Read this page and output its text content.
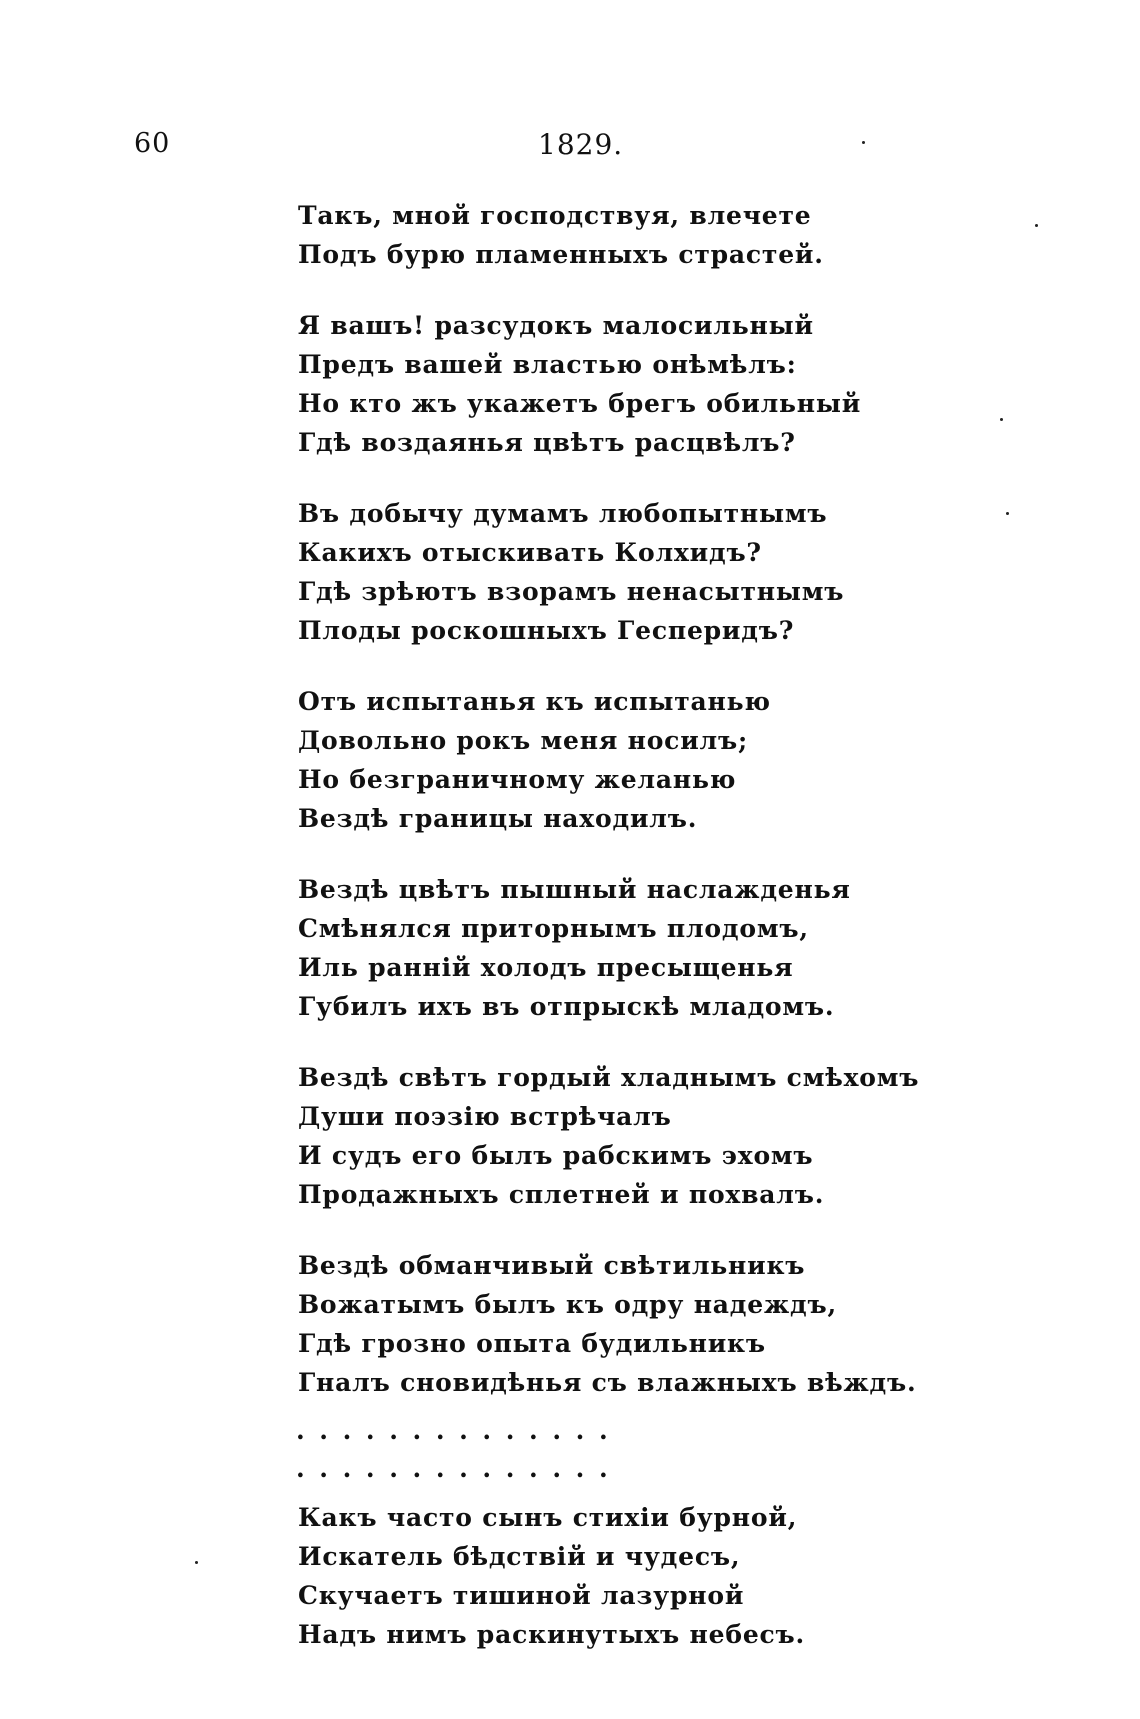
60	1829.
Такъ, мной господствуя, влечете
Подъ бурю пламенныхъ страстей.
Я вашъ! разсудокъ малосильный
Предъ вашей властью онѣмѣлъ:
Но кто жъ укажетъ брегъ обильный
Гдѣ воздаянья цвѣтъ расцвѣлъ?
Въ добычу думамъ любопытнымъ
Какихъ отыскивать Колхидъ?
Гдѣ зрѣютъ взорамъ ненасытнымъ
Плоды роскошныхъ Гесперидъ?
Отъ испытанья къ испытанью
Довольно рокъ меня носилъ;
Но безграничному желанью
Вездѣ границы находилъ.
Вездѣ цвѣтъ пышный наслажденья
Смѣнялся приторнымъ плодомъ,
Иль раннiй холодъ пресыщенья
Губилъ ихъ въ отпрыскѣ младомъ.
Вездѣ свѣтъ гордый хладнымъ смѣхомъ
Души поэзiю встрѣчалъ
И судъ его былъ рабскимъ эхомъ
Продажныхъ сплетней и похвалъ.
Вездѣ обманчивый свѣтильникъ
Вожатымъ былъ къ одру надеждъ,
Гдѣ грозно опыта будильникъ
Гналъ сновидѣнья съ влажныхъ вѣждъ.
..............
..............
Какъ часто сынъ стихiи бурной,
Искатель бѣдствiй и чудесъ,
Скучаетъ тишиной лазурной
Надъ нимъ раскинутыхъ небесъ.
